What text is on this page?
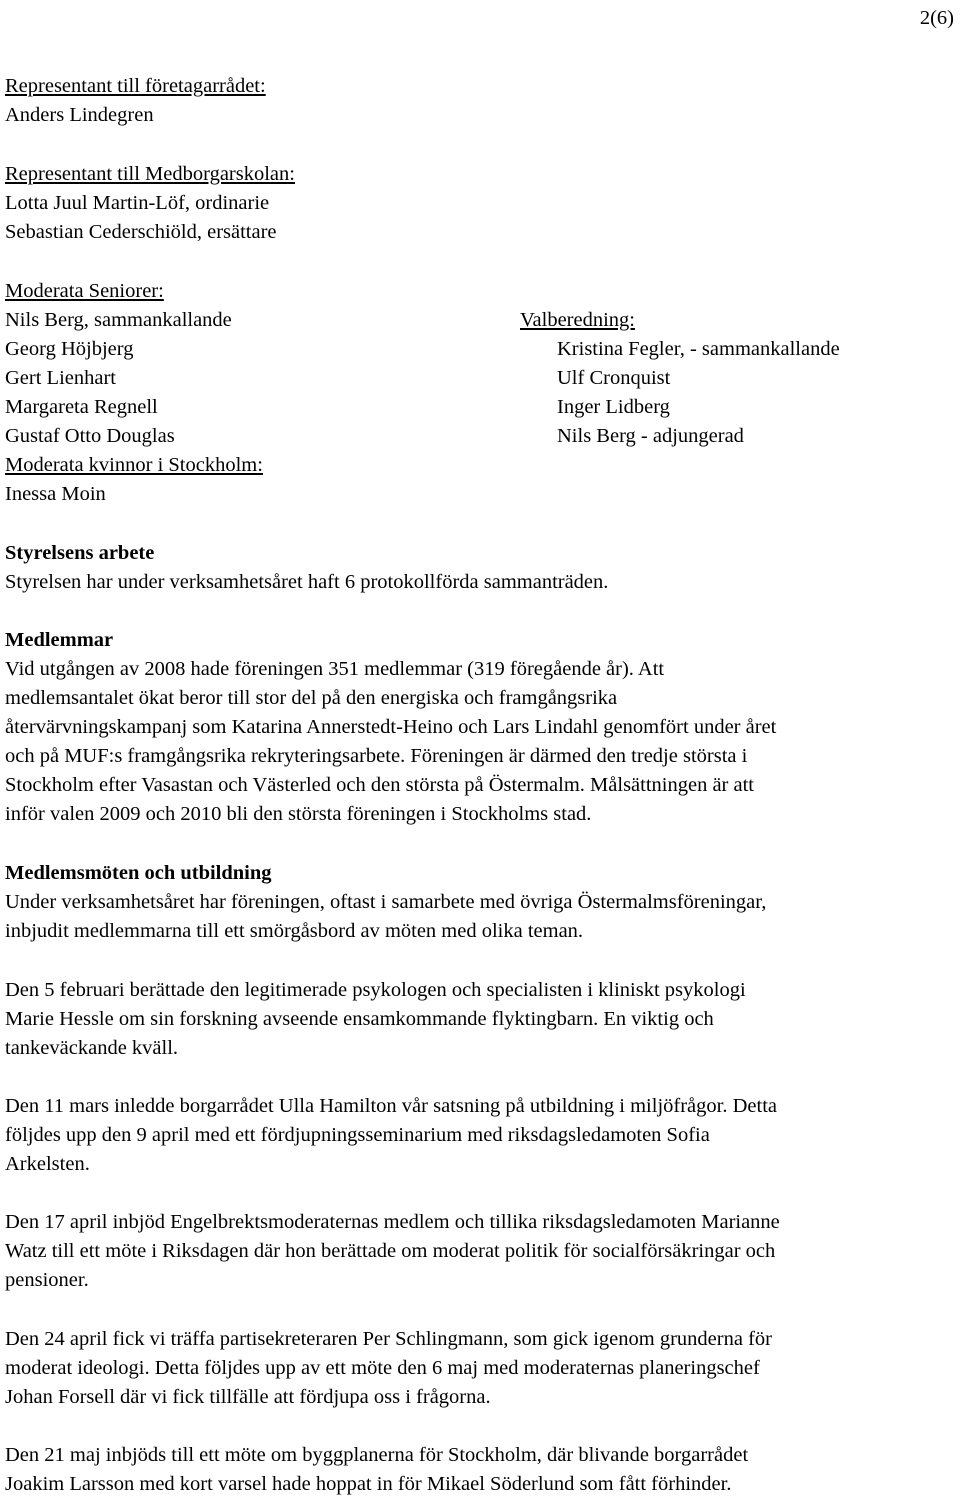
2(6)
Representant till företagarrådet:
Anders Lindegren
Representant till Medborgarskolan:
Lotta Juul Martin-Löf, ordinarie
Sebastian Cederschiöld, ersättare
Moderata Seniorer:
Nils Berg, sammankallande
Georg Höjbjerg
Gert Lienhart
Margareta Regnell
Gustaf Otto Douglas
Moderata kvinnor i Stockholm:
Inessa Moin
Valberedning:
Kristina Fegler, - sammankallande
Ulf Cronquist
Inger Lidberg
Nils Berg - adjungerad
Styrelsens arbete
Styrelsen har under verksamhetsåret haft 6 protokollförda sammanträden.
Medlemmar
Vid utgången av 2008 hade föreningen 351 medlemmar (319 föregående år). Att
medlemsantalet ökat beror till stor del på den energiska och framgångsrika
återvärvningskampanj som Katarina Annerstedt-Heino och Lars Lindahl genomfört under året
och på MUF:s framgångsrika rekryteringsarbete. Föreningen är därmed den tredje största i
Stockholm efter Vasastan och Västerled och den största på Östermalm. Målsättningen är att
inför valen 2009 och 2010 bli den största föreningen i Stockholms stad.
Medlemsmöten och utbildning
Under verksamhetsåret har föreningen, oftast i samarbete med övriga Östermalmsföreningar,
inbjudit medlemmarna till ett smörgåsbord av möten med olika teman.
Den 5 februari berättade den legitimerade psykologen och specialisten i kliniskt psykologi
Marie Hessle om sin forskning avseende ensamkommande flyktingbarn. En viktig och
tankeväckande kväll.
Den 11 mars inledde borgarrådet Ulla Hamilton vår satsning på utbildning i miljöfrågor. Detta
följdes upp den 9 april med ett fördjupningsseminarium med riksdagsledamoten Sofia
Arkelsten.
Den 17 april inbjöd Engelbrektsmoderaternas medlem och tillika riksdagsledamoten Marianne
Watz till ett möte i Riksdagen där hon berättade om moderat politik för socialförsäkringar och
pensioner.
Den 24 april fick vi träffa partisekreteraren Per Schlingmann, som gick igenom grunderna för
moderat ideologi. Detta följdes upp av ett möte den 6 maj med moderaternas planeringschef
Johan Forsell där vi fick tillfälle att fördjupa oss i frågorna.
Den 21 maj inbjöds till ett möte om byggplanerna för Stockholm, där blivande borgarrådet
Joakim Larsson med kort varsel hade hoppat in för Mikael Söderlund som fått förhinder.
